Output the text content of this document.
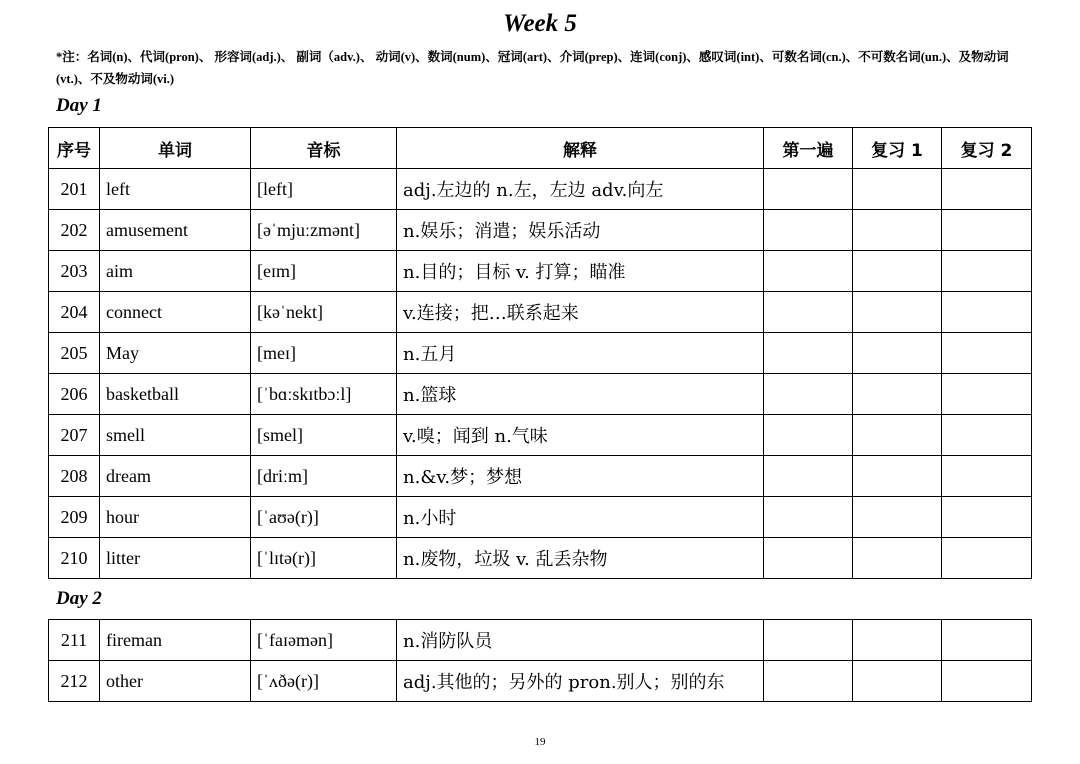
Week 5
*注：名词(n)、代词(pron)、 形容词(adj.)、 副词（adv.)、 动词(v)、数词(num)、冠词(art)、介词(prep)、连词(conj)、感叹词(int)、可数名词(cn.)、不可数名词(un.)、及物动词(vt.)、不及物动词(vi.)
Day 1
序号	单词	音标	解释	第一遍	复习 1	复习 2
201	left	[left]	adj.左边的 n.左，左边 adv.向左			
202	amusement	[əˈmjuːzmənt]	n.娱乐；消遣；娱乐活动			
203	aim	[eɪm]	n.目的；目标 v. 打算；瞄准			
204	connect	[kəˈnekt]	v.连接；把…联系起来			
205	May	[meɪ]	n.五月			
206	basketball	[ˈbɑːskɪtbɔːl]	n.篮球			
207	smell	[smel]	v.嗅；闻到 n.气味			
208	dream	[driːm]	n.&v.梦；梦想			
209	hour	[ˈaʊə(r)]	n.小时			
210	litter	[ˈlɪtə(r)]	n.废物，垃圾 v. 乱丢杂物			
Day 2
211	fireman	[ˈfaɪəmən]	n.消防队员			
212	other	[ˈʌðə(r)]	adj.其他的；另外的 pron.别人；别的东			
19
